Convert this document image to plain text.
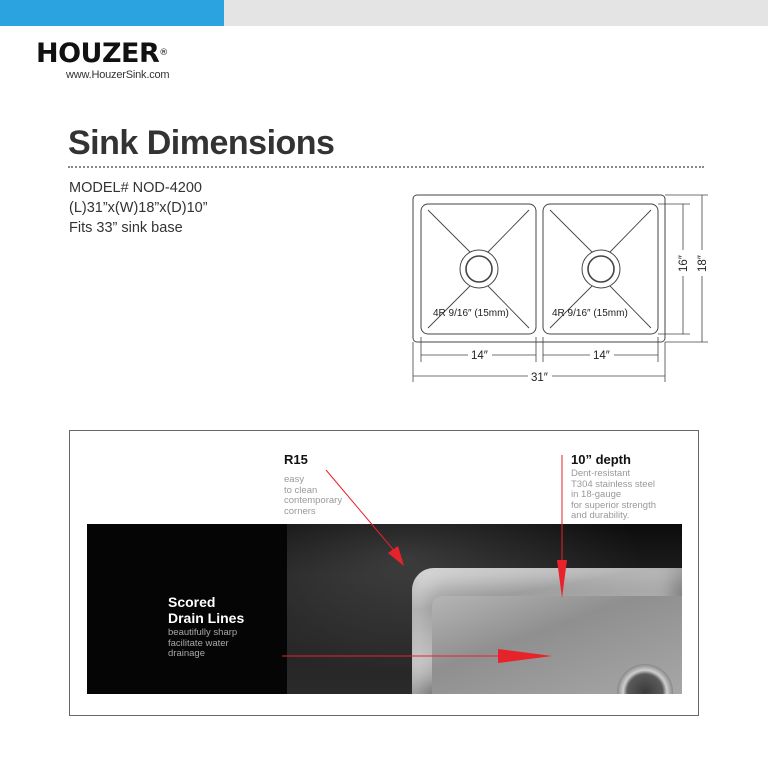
HOUZER®
www.HouzerSink.com
Sink Dimensions
MODEL# NOD-4200
(L)31”x(W)18”x(D)10”
Fits 33” sink base
4R 9/16″ (15mm)	4R 9/16″ (15mm)
14″	14″
31″
16″ 18″
R15
easy
to clean
contemporary
corners
10” depth
Dent-resistant
T304 stainless steel
in 18-gauge
for superior strength
and durability.
Scored
Drain Lines
beautifully sharp
facilitate water
drainage
